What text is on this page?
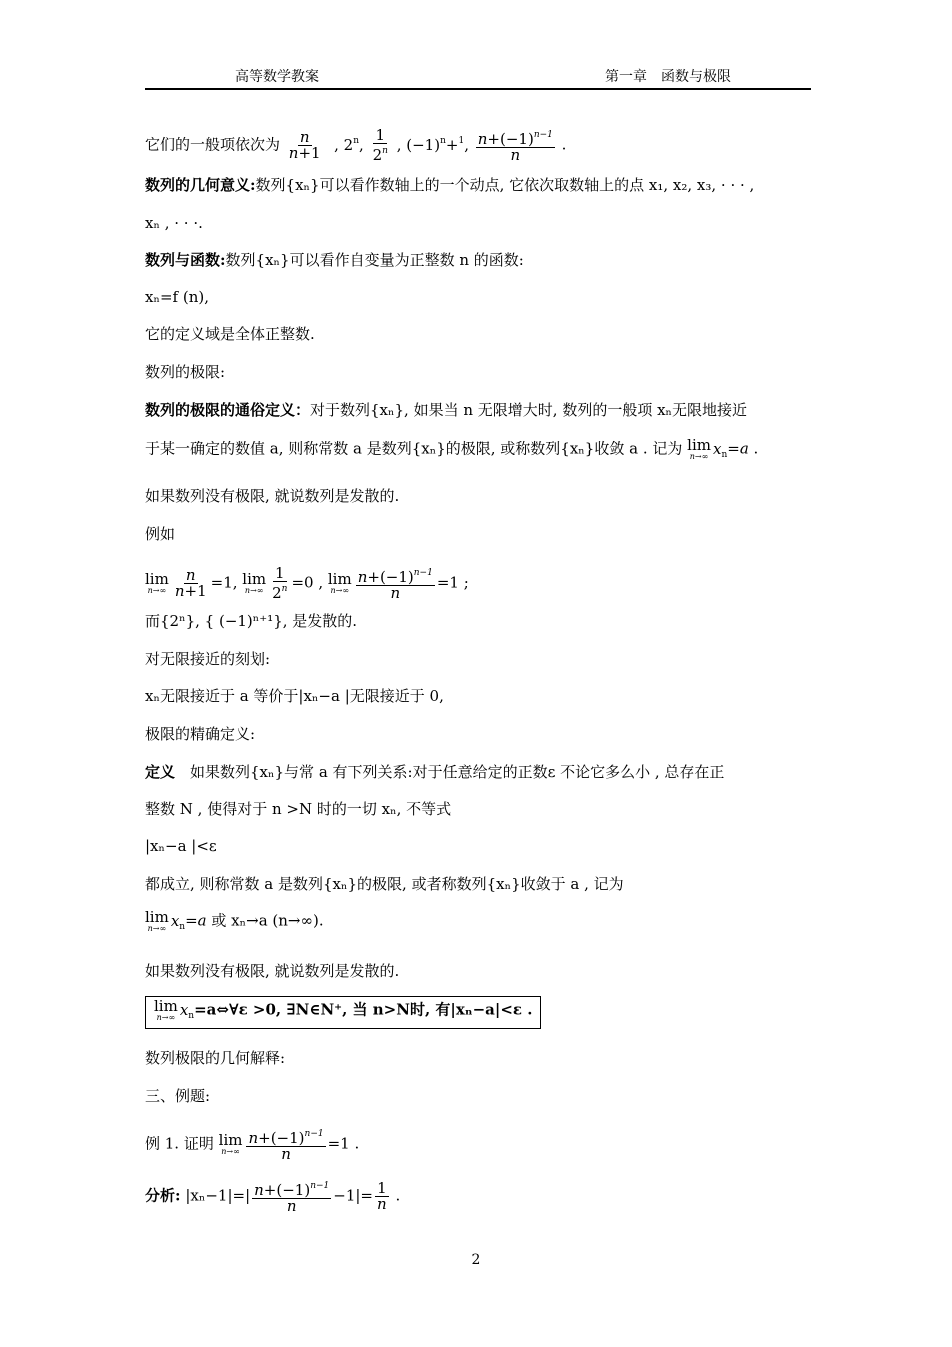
高等数学教案	第一章　函数与极限
它们的一般项依次为 $\frac{n}{n+1}$ , 2$^n$, $\frac{1}{2^n}$ , $(-1)^n+^1$, $\frac{n+(-1)^{n-1}}{n}$ .
数列的几何意义:数列{xₙ}可以看作数轴上的一个动点, 它依次取数轴上的点 x₁, x₂, x₃, · · · ,
xₙ , · · ·.
数列与函数:数列{xₙ}可以看作自变量为正整数 n 的函数:
xₙ=f (n),
它的定义域是全体正整数.
数列的极限:
数列的极限的通俗定义：对于数列{xₙ}, 如果当 n 无限增大时, 数列的一般项 xₙ无限地接近
于某一确定的数值 a, 则称常数 a 是数列{xₙ}的极限, 或称数列{xₙ}收敛 a . 记为 lim
n→∞ $x_n=a$ .
如果数列没有极限, 就说数列是发散的.
例如
lim
$n\to\infty \frac{n}{n+1} =1$, lim
$n\to\infty \frac{1}{2^n} =0$ , lim
$n\to\infty \frac{n+(-1)^{n-1}}{n} =1$ ;
而{2ⁿ}, { (−1)ⁿ⁺¹}, 是发散的.
对无限接近的刻划:
xₙ无限接近于 a 等价于|xₙ−a |无限接近于 0,
极限的精确定义:
定义　如果数列{xₙ}与常 a 有下列关系:对于任意给定的正数ε 不论它多么小 , 总存在正
整数 N , 使得对于 n >N 时的一切 xₙ, 不等式
|xₙ−a |<ε
都成立, 则称常数 a 是数列{xₙ}的极限, 或者称数列{xₙ}收敛于 a , 记为
lim
n→∞ $x_n=a$ 或 xₙ→a (n→∞).
如果数列没有极限, 就说数列是发散的.
lim
n→∞ $x_n=a\Leftrightarrow\forall\varepsilon >0$, ∃N∈N⁺, 当 n>N时, 有|xₙ−a|<ε .
数列极限的几何解释:
三、例题:
例 1. 证明 lim
$n\to\infty \frac{n+(-1)^{n-1}}{n} =1$ .
分析: $|x_n-1|=| \frac{n+(-1)^{n-1}}{n} -1|= \frac{1}{n}$ .
2
